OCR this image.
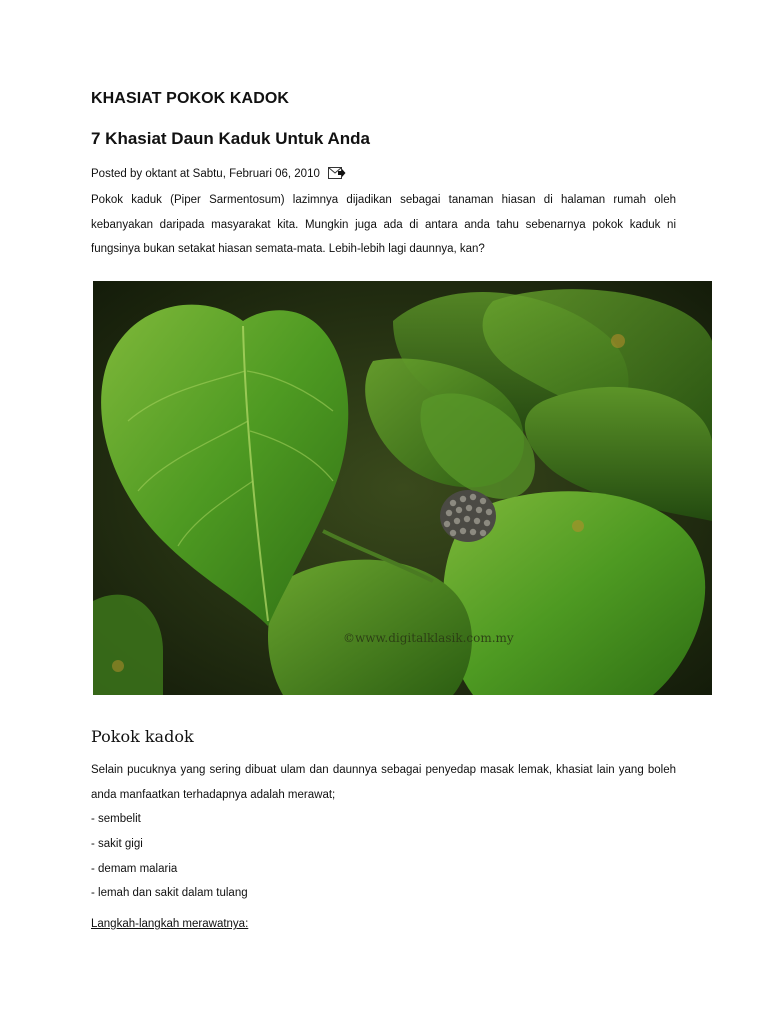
KHASIAT POKOK KADOK
7 Khasiat Daun Kaduk Untuk Anda
Posted by oktant at Sabtu, Februari 06, 2010
Pokok kaduk (Piper Sarmentosum) lazimnya dijadikan sebagai tanaman hiasan di halaman rumah oleh kebanyakan daripada masyarakat kita. Mungkin juga ada di antara anda tahu sebenarnya pokok kaduk ni fungsinya bukan setakat hiasan semata-mata. Lebih-lebih lagi daunnya, kan?
©www.digitalklasik.com.my
Pokok kadok
Selain pucuknya yang sering dibuat ulam dan daunnya sebagai penyedap masak lemak, khasiat lain yang boleh anda manfaatkan terhadapnya adalah merawat;
- sembelit
- sakit gigi
- demam malaria
- lemah dan sakit dalam tulang
Langkah-langkah merawatnya:
